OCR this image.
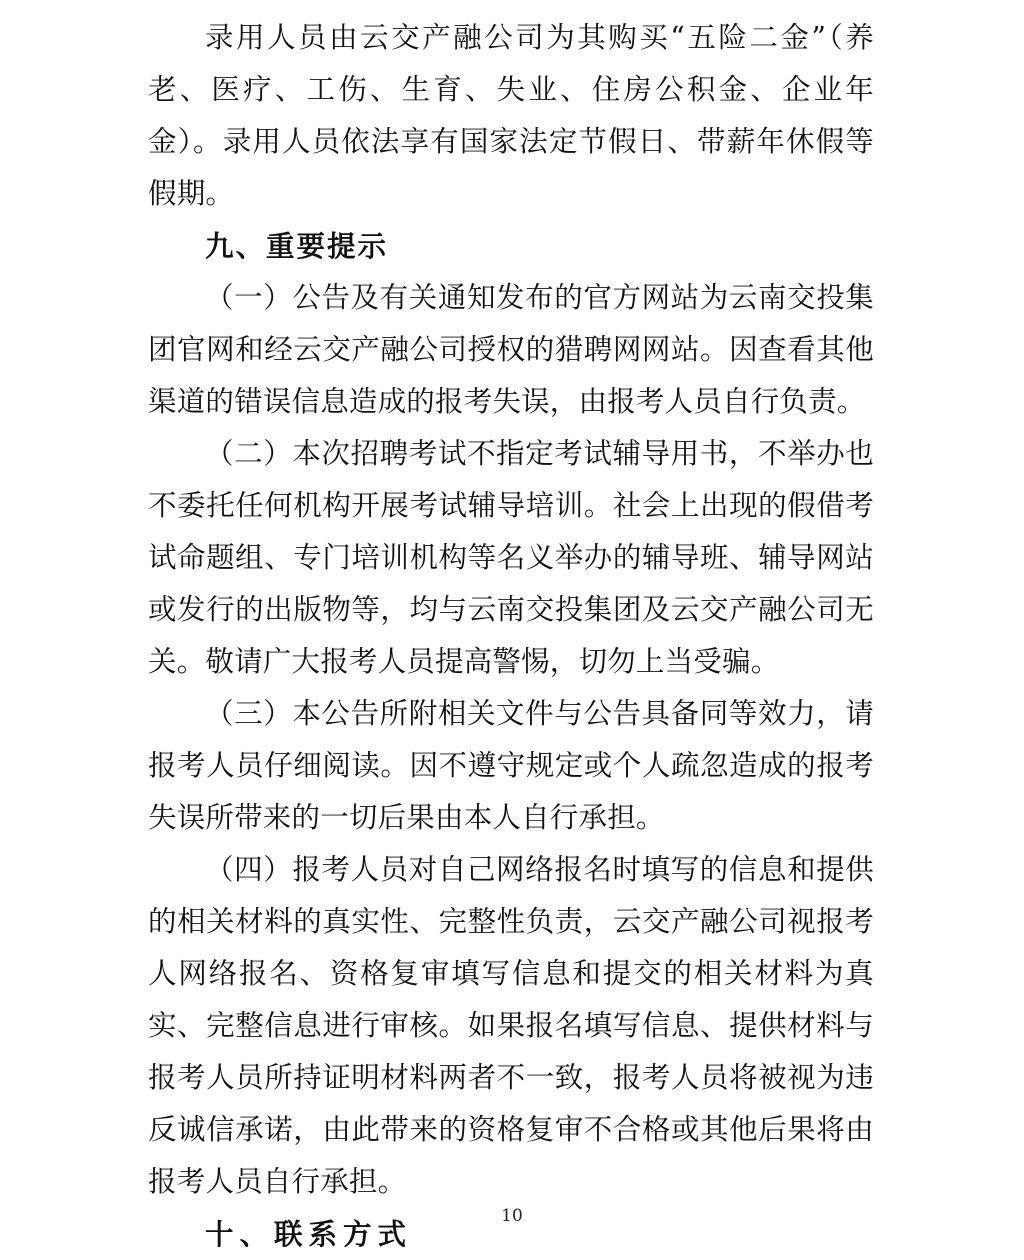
录用人员由云交产融公司为其购买“五险二金”（养老、医疗、工伤、生育、失业、住房公积金、企业年金）。录用人员依法享有国家法定节假日、带薪年休假等假期。

九、重要提示

（一）公告及有关通知发布的官方网站为云南交投集团官网和经云交产融公司授权的猎聘网网站。因查看其他渠道的错误信息造成的报考失误，由报考人员自行负责。

（二）本次招聘考试不指定考试辅导用书，不举办也不委托任何机构开展考试辅导培训。社会上出现的假借考试命题组、专门培训机构等名义举办的辅导班、辅导网站或发行的出版物等，均与云南交投集团及云交产融公司无关。敬请广大报考人员提高警惕，切勿上当受骗。

（三）本公告所附相关文件与公告具备同等效力，请报考人员仔细阅读。因不遵守规定或个人疏忽造成的报考失误所带来的一切后果由本人自行承担。

（四）报考人员对自己网络报名时填写的信息和提供的相关材料的真实性、完整性负责，云交产融公司视报考人网络报名、资格复审填写信息和提交的相关材料为真实、完整信息进行审核。如果报名填写信息、提供材料与报考人员所持证明材料两者不一致，报考人员将被视为违反诚信承诺，由此带来的资格复审不合格或其他后果将由报考人员自行承担。

十、联系方式

10
